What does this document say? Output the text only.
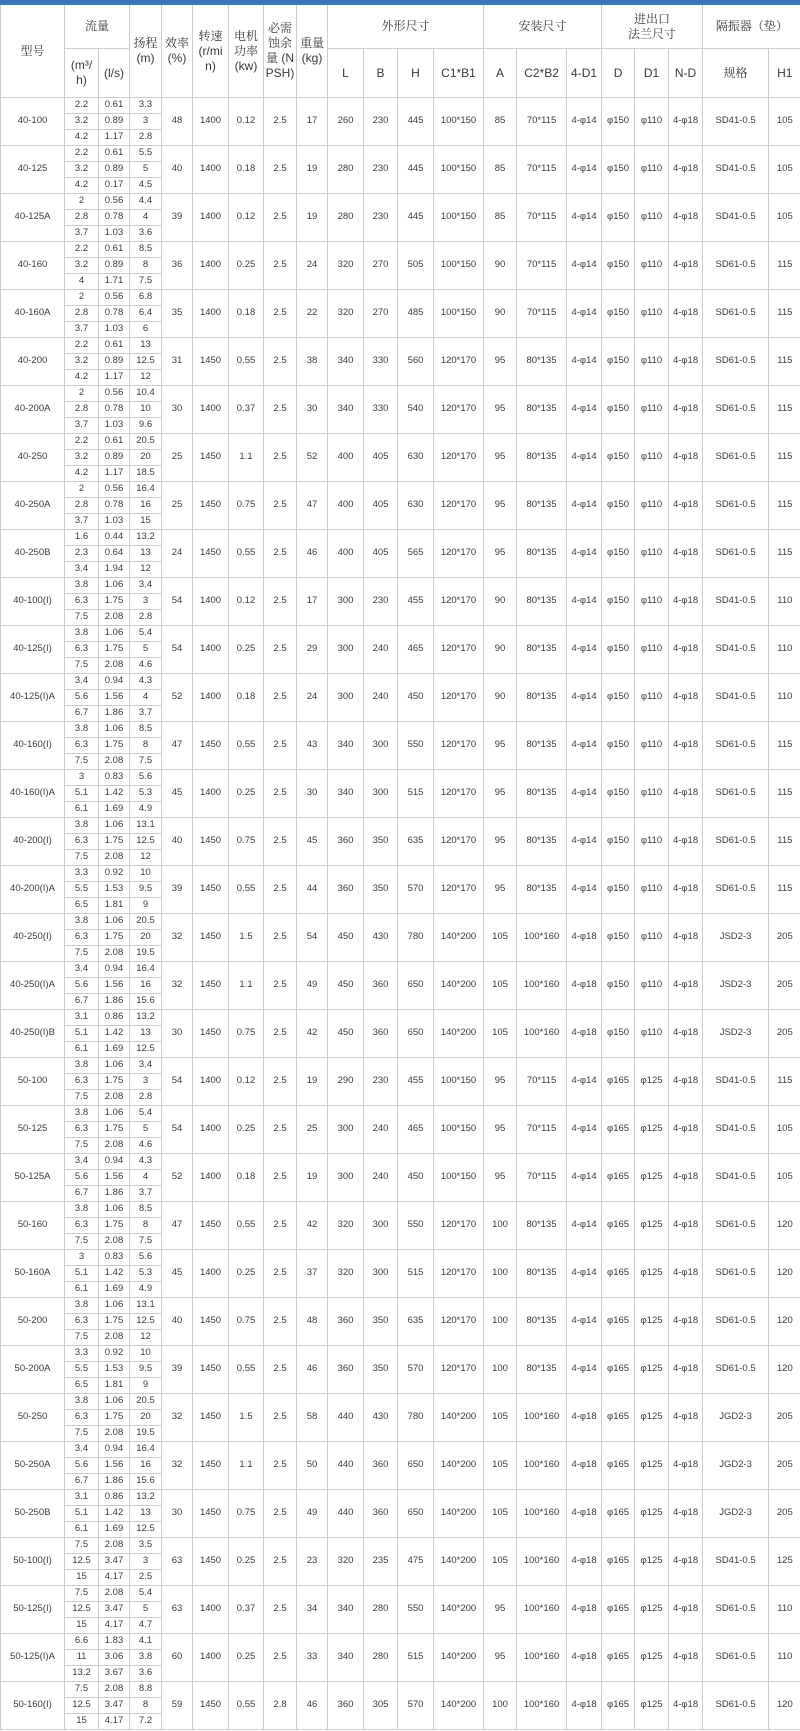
型号	流量		扬程 (m)	效率 (%)	转速 (r/min)	电机功率 (kw)	必需蚀余量 (NPSH)	重量 (kg)	外形尺寸				安装尺寸			进出口
法兰尺寸			隔振器（垫）	
	(m³/h)	(l/s)							L	B	H	C1*B1	A	C2*B2	4-D1	D	D1	N-D	规格	H1
40-100	2.2	0.61	3.3	48	1400	0.12	2.5	17	260	230	445	100*150	85	70*115	4-φ14	φ150	φ110	4-φ18	SD41-0.5	105
	3.2	0.89	3																	
	4.2	1.17	2.8																	
40-125	2.2	0.61	5.5	40	1400	0.18	2.5	19	280	230	445	100*150	85	70*115	4-φ14	φ150	φ110	4-φ18	SD41-0.5	105
	3.2	0.89	5																	
	4.2	0.17	4.5																	
40-125A	2	0.56	4.4	39	1400	0.12	2.5	19	280	230	445	100*150	85	70*115	4-φ14	φ150	φ110	4-φ18	SD41-0.5	105
	2.8	0.78	4																	
	3.7	1.03	3.6																	
40-160	2.2	0.61	8.5	36	1400	0.25	2.5	24	320	270	505	100*150	90	70*115	4-φ14	φ150	φ110	4-φ18	SD61-0.5	115
	3.2	0.89	8																	
	4	1.71	7.5																	
40-160A	2	0.56	6.8	35	1400	0.18	2.5	22	320	270	485	100*150	90	70*115	4-φ14	φ150	φ110	4-φ18	SD61-0.5	115
	2.8	0.78	6.4																	
	3.7	1.03	6																	
40-200	2.2	0.61	13	31	1450	0.55	2.5	38	340	330	560	120*170	95	80*135	4-φ14	φ150	φ110	4-φ18	SD61-0.5	115
	3.2	0.89	12.5																	
	4.2	1.17	12																	
40-200A	2	0.56	10.4	30	1400	0.37	2.5	30	340	330	540	120*170	95	80*135	4-φ14	φ150	φ110	4-φ18	SD61-0.5	115
	2.8	0.78	10																	
	3.7	1.03	9.6																	
40-250	2.2	0.61	20.5	25	1450	1.1	2.5	52	400	405	630	120*170	95	80*135	4-φ14	φ150	φ110	4-φ18	SD61-0.5	115
	3.2	0.89	20																	
	4.2	1.17	18.5																	
40-250A	2	0.56	16.4	25	1450	0.75	2.5	47	400	405	630	120*170	95	80*135	4-φ14	φ150	φ110	4-φ18	SD61-0.5	115
	2.8	0.78	16																	
	3.7	1.03	15																	
40-250B	1.6	0.44	13.2	24	1450	0.55	2.5	46	400	405	565	120*170	95	80*135	4-φ14	φ150	φ110	4-φ18	SD61-0.5	115
	2.3	0.64	13																	
	3.4	1.94	12																	
40-100(I)	3.8	1.06	3.4	54	1400	0.12	2.5	17	300	230	455	120*170	90	80*135	4-φ14	φ150	φ110	4-φ18	SD41-0.5	110
	6.3	1.75	3																	
	7.5	2.08	2.8																	
40-125(I)	3.8	1.06	5.4	54	1400	0.25	2.5	29	300	240	465	120*170	90	80*135	4-φ14	φ150	φ110	4-φ18	SD41-0.5	110
	6.3	1.75	5																	
	7.5	2.08	4.6																	
40-125(I)A	3.4	0.94	4.3	52	1400	0.18	2.5	24	300	240	450	120*170	90	80*135	4-φ14	φ150	φ110	4-φ18	SD41-0.5	110
	5.6	1.56	4																	
	6.7	1.86	3.7																	
40-160(I)	3.8	1.06	8.5	47	1450	0.55	2.5	43	340	300	550	120*170	95	80*135	4-φ14	φ150	φ110	4-φ18	SD61-0.5	115
	6.3	1.75	8																	
	7.5	2.08	7.5																	
40-160(I)A	3	0.83	5.6	45	1400	0.25	2.5	30	340	300	515	120*170	95	80*135	4-φ14	φ150	φ110	4-φ18	SD61-0.5	115
	5.1	1.42	5.3																	
	6.1	1.69	4.9																	
40-200(I)	3.8	1.06	13.1	40	1450	0.75	2.5	45	360	350	635	120*170	95	80*135	4-φ14	φ150	φ110	4-φ18	SD61-0.5	115
	6.3	1.75	12.5																	
	7.5	2.08	12																	
40-200(I)A	3.3	0.92	10	39	1450	0.55	2.5	44	360	350	570	120*170	95	80*135	4-φ14	φ150	φ110	4-φ18	SD61-0.5	115
	5.5	1.53	9.5																	
	6.5	1.81	9																	
40-250(I)	3.8	1.06	20.5	32	1450	1.5	2.5	54	450	430	780	140*200	105	100*160	4-φ18	φ150	φ110	4-φ18	JSD2-3	205
	6.3	1.75	20																	
	7.5	2.08	19.5																	
40-250(I)A	3.4	0.94	16.4	32	1450	1.1	2.5	49	450	360	650	140*200	105	100*160	4-φ18	φ150	φ110	4-φ18	JSD2-3	205
	5.6	1.56	16																	
	6.7	1.86	15.6																	
40-250(I)B	3.1	0.86	13.2	30	1450	0.75	2.5	42	450	360	650	140*200	105	100*160	4-φ18	φ150	φ110	4-φ18	JSD2-3	205
	5.1	1.42	13																	
	6.1	1.69	12.5																	
50-100	3.8	1.06	3.4	54	1400	0.12	2.5	19	290	230	455	100*150	95	70*115	4-φ14	φ165	φ125	4-φ18	SD41-0.5	115
	6.3	1.75	3																	
	7.5	2.08	2.8																	
50-125	3.8	1.06	5.4	54	1400	0.25	2.5	25	300	240	465	100*150	95	70*115	4-φ14	φ165	φ125	4-φ18	SD41-0.5	105
	6.3	1.75	5																	
	7.5	2.08	4.6																	
50-125A	3.4	0.94	4.3	52	1400	0.18	2.5	19	300	240	450	100*150	95	70*115	4-φ14	φ165	φ125	4-φ18	SD41-0.5	105
	5.6	1.56	4																	
	6.7	1.86	3.7																	
50-160	3.8	1.06	8.5	47	1450	0.55	2.5	42	320	300	550	120*170	100	80*135	4-φ14	φ165	φ125	4-φ18	SD61-0.5	120
	6.3	1.75	8																	
	7.5	2.08	7.5																	
50-160A	3	0.83	5.6	45	1400	0.25	2.5	37	320	300	515	120*170	100	80*135	4-φ14	φ165	φ125	4-φ18	SD61-0.5	120
	5.1	1.42	5.3																	
	6.1	1.69	4.9																	
50-200	3.8	1.06	13.1	40	1450	0.75	2.5	48	360	350	635	120*170	100	80*135	4-φ14	φ165	φ125	4-φ18	SD61-0.5	120
	6.3	1.75	12.5																	
	7.5	2.08	12																	
50-200A	3.3	0.92	10	39	1450	0.55	2.5	46	360	350	570	120*170	100	80*135	4-φ14	φ165	φ125	4-φ18	SD61-0.5	120
	5.5	1.53	9.5																	
	6.5	1.81	9																	
50-250	3.8	1.06	20.5	32	1450	1.5	2.5	58	440	430	780	140*200	105	100*160	4-φ18	φ165	φ125	4-φ18	JGD2-3	205
	6.3	1.75	20																	
	7.5	2.08	19.5																	
50-250A	3.4	0.94	16.4	32	1450	1.1	2.5	50	440	360	650	140*200	105	100*160	4-φ18	φ165	φ125	4-φ18	JGD2-3	205
	5.6	1.56	16																	
	6.7	1.86	15.6																	
50-250B	3.1	0.86	13.2	30	1450	0.75	2.5	49	440	360	650	140*200	105	100*160	4-φ18	φ165	φ125	4-φ18	JGD2-3	205
	5.1	1.42	13																	
	6.1	1.69	12.5																	
50-100(I)	7.5	2.08	3.5	63	1450	0.25	2.5	23	320	235	475	140*200	105	100*160	4-φ18	φ165	φ125	4-φ18	SD41-0.5	125
	12.5	3.47	3																	
	15	4.17	2.5																	
50-125(I)	7.5	2.08	5.4	63	1400	0.37	2.5	34	340	280	550	140*200	95	100*160	4-φ18	φ165	φ125	4-φ18	SD61-0.5	110
	12.5	3.47	5																	
	15	4.17	4.7																	
50-125(I)A	6.6	1.83	4.1	60	1400	0.25	2.5	33	340	280	515	140*200	95	100*160	4-φ18	φ165	φ125	4-φ18	SD61-0.5	110
	11	3.06	3.8																	
	13.2	3.67	3.6																	
50-160(I)	7.5	2.08	8.8	59	1450	0.55	2.8	46	360	305	570	140*200	100	100*160	4-φ18	φ165	φ125	4-φ18	SD61-0.5	120
	12.5	3.47	8																	
	15	4.17	7.2																	
